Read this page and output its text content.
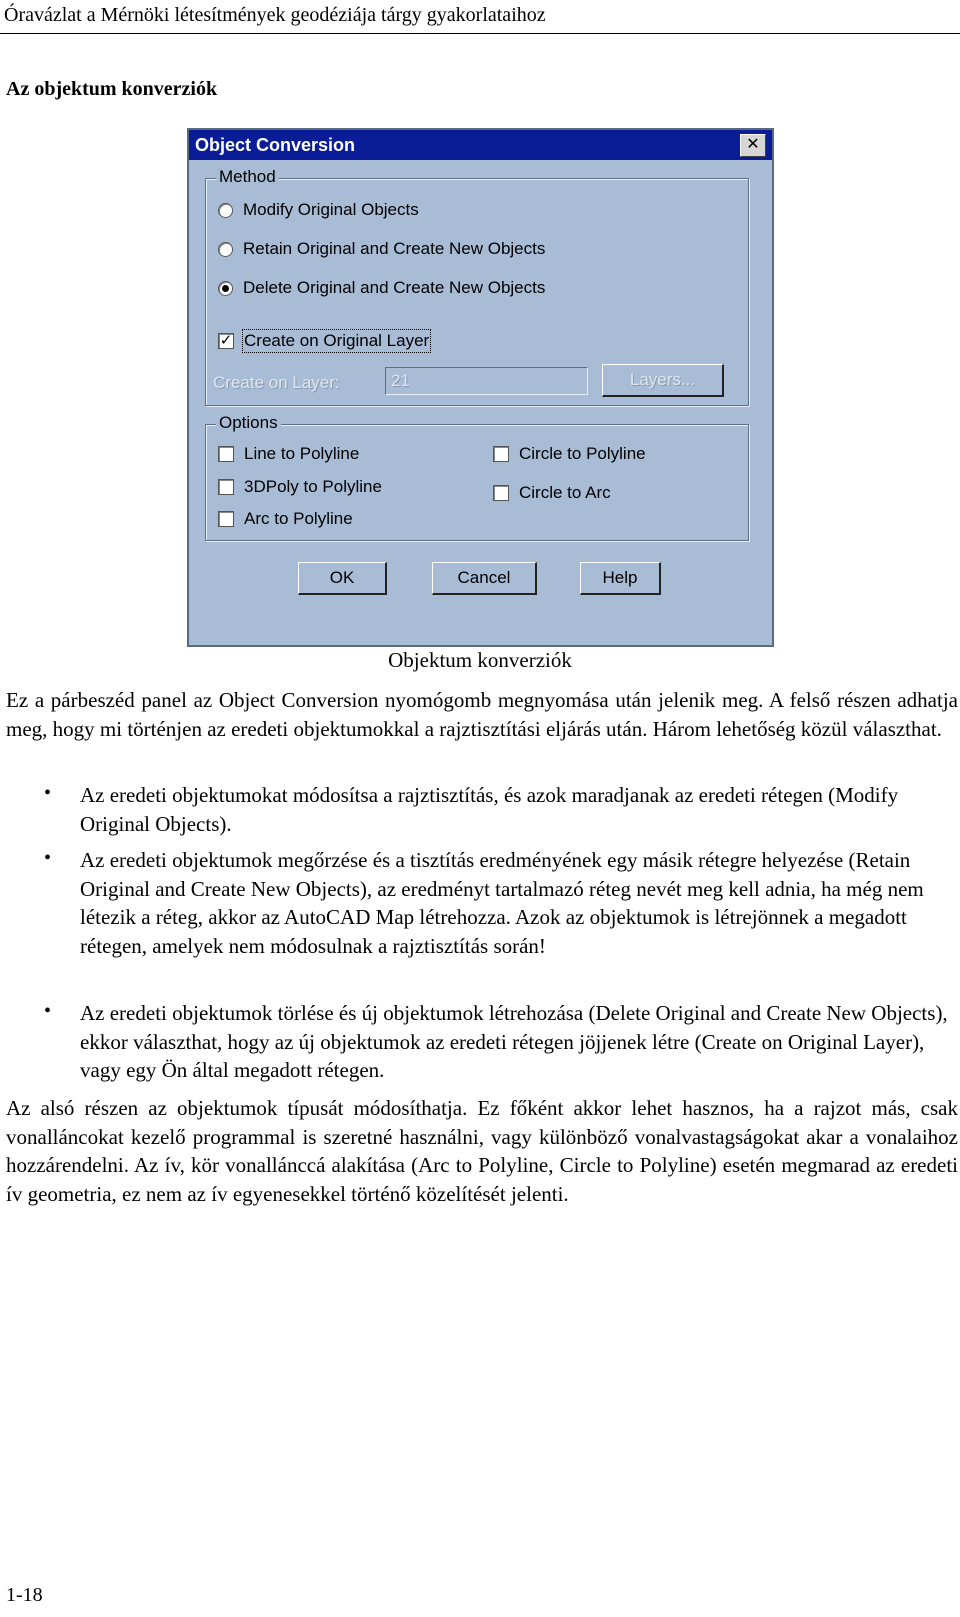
Óravázlat a Mérnöki létesítmények geodéziája tárgy gyakorlataihoz
Az objektum konverziók
Object Conversion	✕
Method
Modify Original Objects
Retain Original and Create New Objects
Delete Original and Create New Objects
✓ Create on Original Layer
Create on Layer:	21	Layers...
Options
Line to Polyline
3DPoly to Polyline
Arc to Polyline
Circle to Polyline
Circle to Arc
OK	Cancel	Help
Objektum konverziók
Ez a párbeszéd panel az Object Conversion nyomógomb megnyomása után jelenik meg. A felső részen adhatja meg, hogy mi történjen az eredeti objektumokkal a rajztisztítási eljárás után. Három lehetőség közül választhat.
• Az eredeti objektumokat módosítsa a rajztisztítás, és azok maradjanak az eredeti rétegen (Modify Original Objects).
• Az eredeti objektumok megőrzése és a tisztítás eredményének egy másik rétegre helyezése (Retain Original and Create New Objects), az eredményt tartalmazó réteg nevét meg kell adnia, ha még nem létezik a réteg, akkor az AutoCAD Map létrehozza. Azok az objektumok is létrejönnek a megadott rétegen, amelyek nem módosulnak a rajztisztítás során!
• Az eredeti objektumok törlése és új objektumok létrehozása (Delete Original and Create New Objects), ekkor választhat, hogy az új objektumok az eredeti rétegen jöjjenek létre (Create on Original Layer), vagy egy Ön által megadott rétegen.
Az alsó részen az objektumok típusát módosíthatja. Ez főként akkor lehet hasznos, ha a rajzot más, csak vonalláncokat kezelő programmal is szeretné használni, vagy különböző vonalvastagságokat akar a vonalaihoz hozzárendelni. Az ív, kör vonallánccá alakítása (Arc to Polyline, Circle to Polyline) esetén megmarad az eredeti ív geometria, ez nem az ív egyenesekkel történő közelítését jelenti.
1-18
